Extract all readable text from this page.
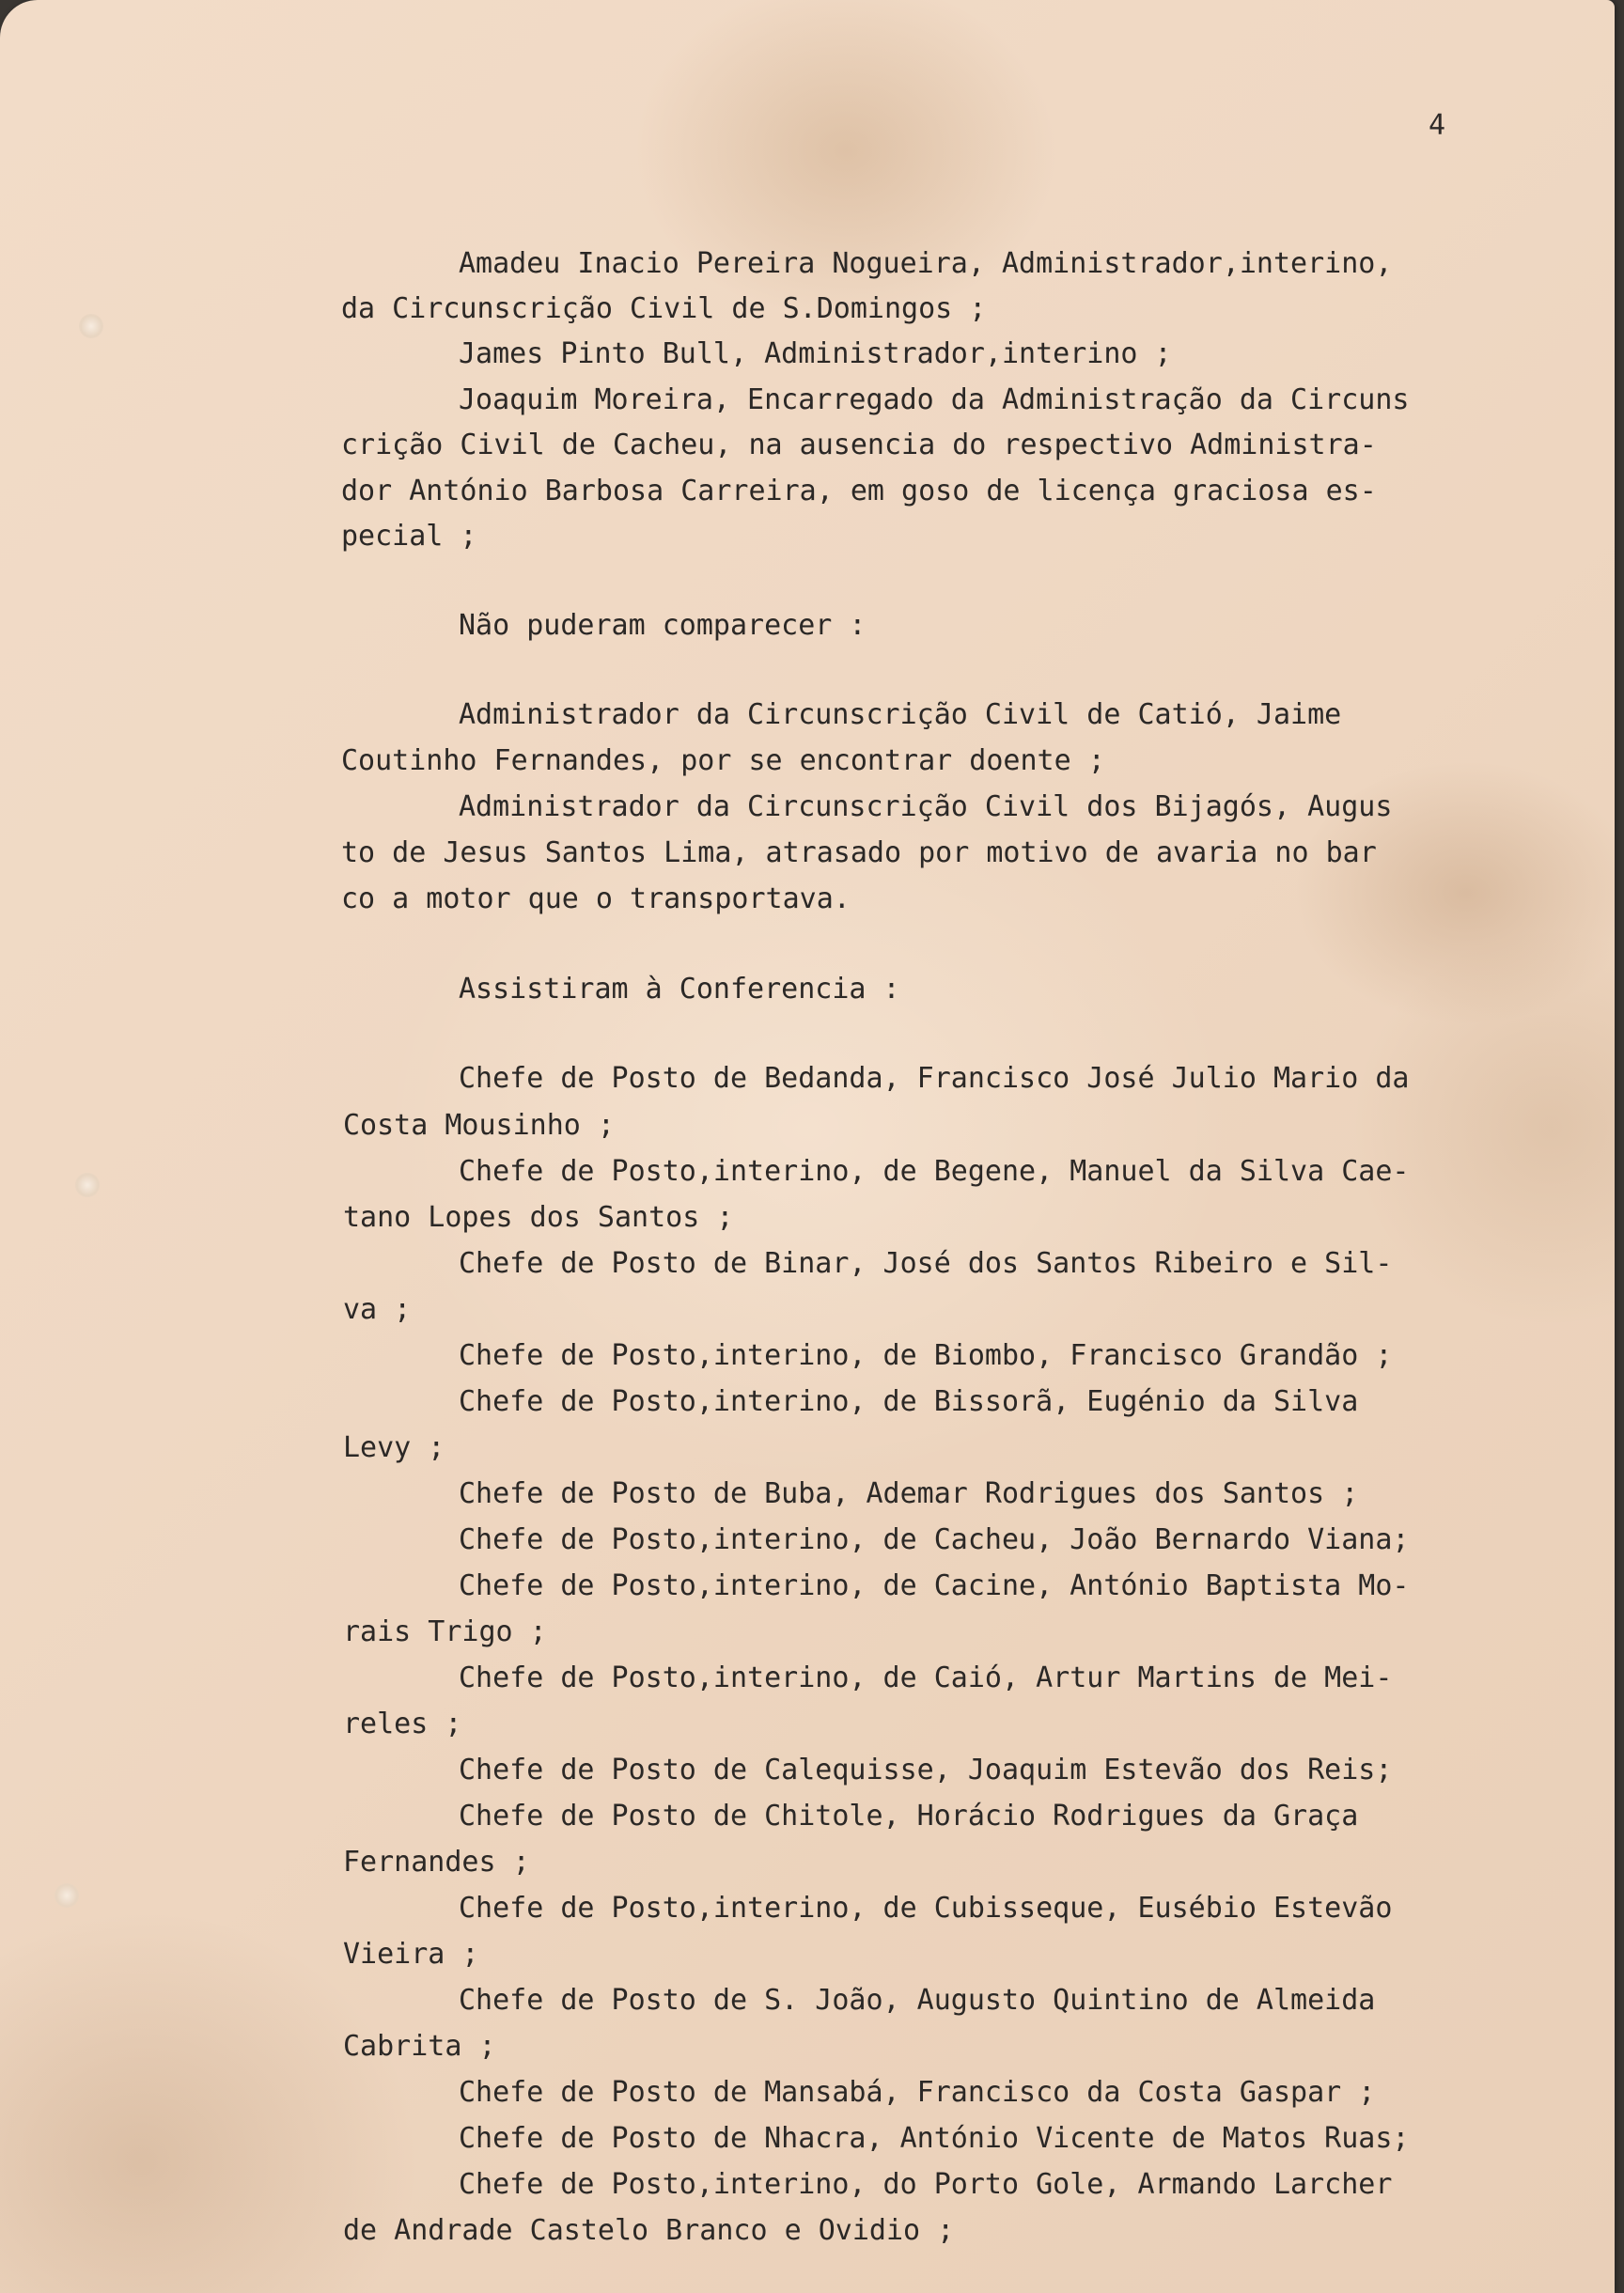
4
Amadeu Inacio Pereira Nogueira, Administrador,interino,
da Circunscrição Civil de S.Domingos ;
James Pinto Bull, Administrador,interino ;
Joaquim Moreira, Encarregado da Administração da Circuns
crição Civil de Cacheu, na ausencia do respectivo Administra-
dor António Barbosa Carreira, em goso de licença graciosa es-
pecial ;
Não puderam comparecer :
Administrador da Circunscrição Civil de Catió, Jaime
Coutinho Fernandes, por se encontrar doente ;
Administrador da Circunscrição Civil dos Bijagós, Augus
to de Jesus Santos Lima, atrasado por motivo de avaria no bar
co a motor que o transportava.
Assistiram à Conferencia :
Chefe de Posto de Bedanda, Francisco José Julio Mario da
Costa Mousinho ;
Chefe de Posto,interino, de Begene, Manuel da Silva Cae-
tano Lopes dos Santos ;
Chefe de Posto de Binar, José dos Santos Ribeiro e Sil-
va ;
Chefe de Posto,interino, de Biombo, Francisco Grandão ;
Chefe de Posto,interino, de Bissorã, Eugénio da Silva
Levy ;
Chefe de Posto de Buba, Ademar Rodrigues dos Santos ;
Chefe de Posto,interino, de Cacheu, João Bernardo Viana;
Chefe de Posto,interino, de Cacine, António Baptista Mo-
rais Trigo ;
Chefe de Posto,interino, de Caió, Artur Martins de Mei-
reles ;
Chefe de Posto de Calequisse, Joaquim Estevão dos Reis;
Chefe de Posto de Chitole, Horácio Rodrigues da Graça
Fernandes ;
Chefe de Posto,interino, de Cubisseque, Eusébio Estevão
Vieira ;
Chefe de Posto de S. João, Augusto Quintino de Almeida
Cabrita ;
Chefe de Posto de Mansabá, Francisco da Costa Gaspar ;
Chefe de Posto de Nhacra, António Vicente de Matos Ruas;
Chefe de Posto,interino, do Porto Gole, Armando Larcher
de Andrade Castelo Branco e Ovidio ;
